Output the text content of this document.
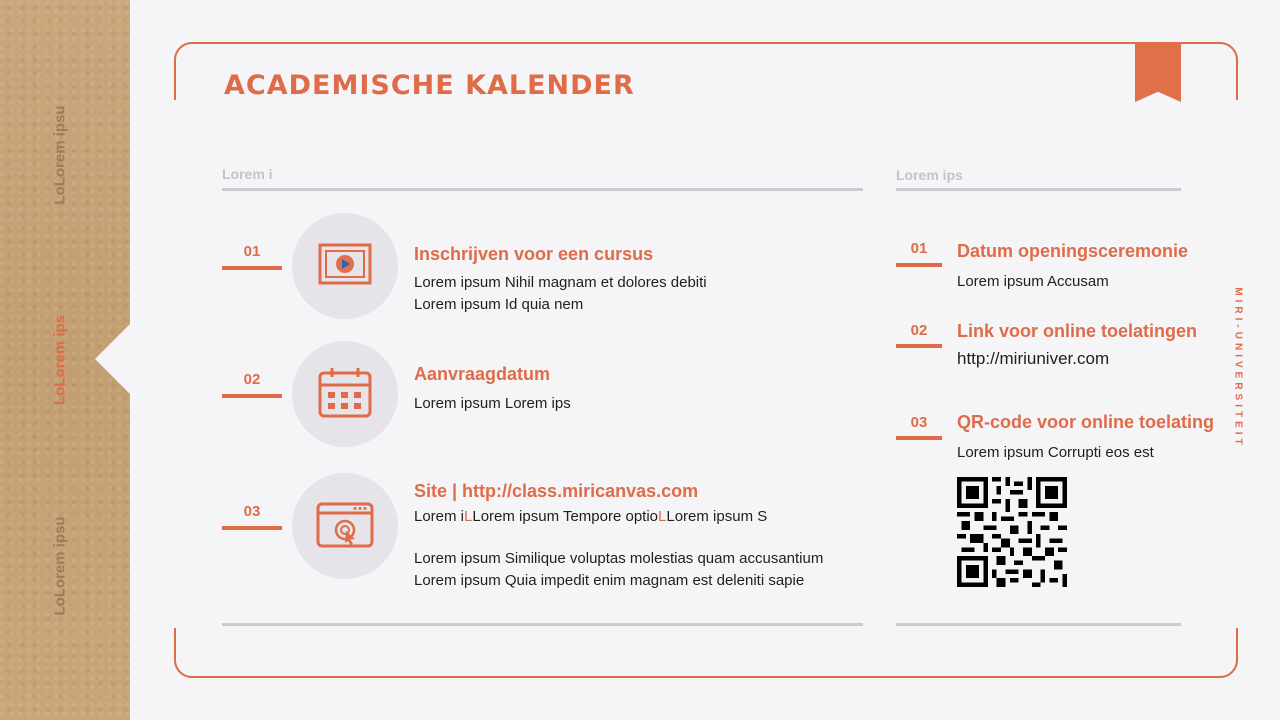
LoLorem ipsu
LoLorem ips
LoLorem ipsu
ACADEMISCHE KALENDER
Lorem i
01	Inschrijven voor een cursus
Lorem ipsum Nihil magnam et dolores debiti
Lorem ipsum Id quia nem
02	Aanvraagdatum
Lorem ipsum Lorem ips
03
Site | http://class.miricanvas.com
Lorem iLLorem ipsum Tempore optioLLorem ipsum S
Lorem ipsum Similique voluptas molestias quam accusantium
Lorem ipsum Quia impedit enim magnam est deleniti sapie
Lorem ips
01	Datum openingsceremonie
Lorem ipsum Accusam
02	Link voor online toelatingen
http://miriuniver.com
03	QR-code voor online toelating
Lorem ipsum Corrupti eos est
MIRI-UNIVERSITEIT
